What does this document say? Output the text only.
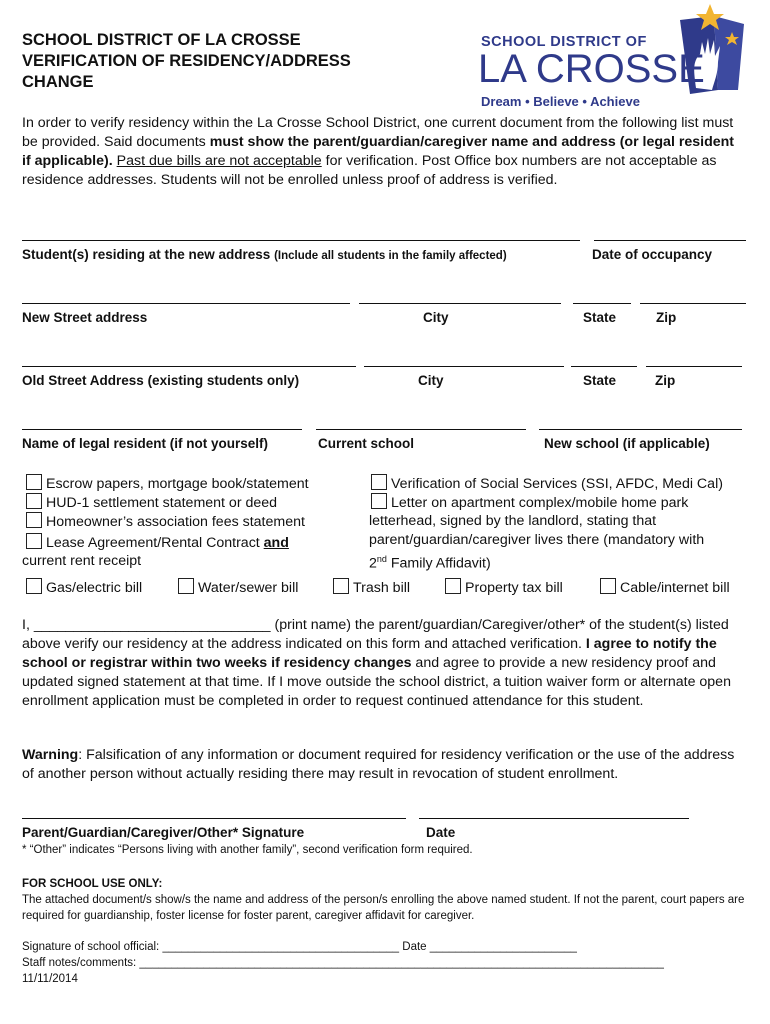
SCHOOL DISTRICT OF LA CROSSE
VERIFICATION OF RESIDENCY/ADDRESS
CHANGE
SCHOOL DISTRICT OF
LA CROSSE
Dream • Believe • Achieve
In order to verify residency within the La Crosse School District, one current document from the following list must be provided. Said documents must show the parent/guardian/caregiver name and address (or legal resident if applicable). Past due bills are not acceptable for verification. Post Office box numbers are not acceptable as residence addresses. Students will not be enrolled unless proof of address is verified.
Student(s) residing at the new address (Include all students in the family affected)	Date of occupancy
New Street address	City	State	Zip
Old Street Address (existing students only)	City	State	Zip
Name of legal resident (if not yourself)	Current school	New school (if applicable)
Escrow papers, mortgage book/statement
HUD-1 settlement statement or deed
Homeowner’s association fees statement
Lease Agreement/Rental Contract and
current rent receipt
Verification of Social Services (SSI, AFDC, Medi Cal)
Letter on apartment complex/mobile home park
letterhead, signed by the landlord, stating that
parent/guardian/caregiver lives there (mandatory with
2nd Family Affidavit)
Gas/electric bill	Water/sewer bill	Trash bill	Property tax bill	Cable/internet bill
I, ______________________________ (print name) the parent/guardian/Caregiver/other* of the student(s) listed above verify our residency at the address indicated on this form and attached verification. I agree to notify the school or registrar within two weeks if residency changes and agree to provide a new residency proof and updated signed statement at that time. If I move outside the school district, a tuition waiver form or alternate open enrollment application must be completed in order to request continued attendance for this student.
Warning: Falsification of any information or document required for residency verification or the use of the address of another person without actually residing there may result in revocation of student enrollment.
Parent/Guardian/Caregiver/Other* Signature	Date
* “Other” indicates “Persons living with another family”, second verification form required.
FOR SCHOOL USE ONLY:
The attached document/s show/s the name and address of the person/s enrolling the above named student. If not the parent, court papers are required for guardianship, foster license for foster parent, caregiver affidavit for caregiver.
Signature of school official: _____________________________________ Date _______________________
Staff notes/comments: __________________________________________________________________________________
11/11/2014
